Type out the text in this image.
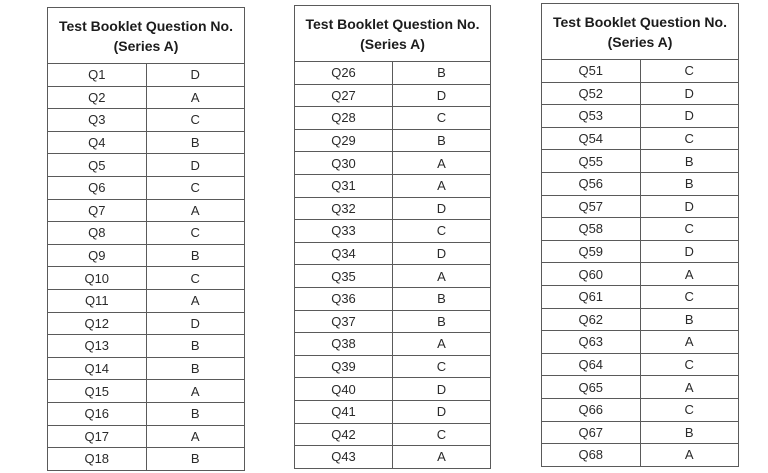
Test Booklet Question No.
(Series A)	

Q1	D
Q2	A
Q3	C
Q4	B
Q5	D
Q6	C
Q7	A
Q8	C
Q9	B
Q10	C
Q11	A
Q12	D
Q13	B
Q14	B
Q15	A
Q16	B
Q17	A
Q18	B
Test Booklet Question No.
(Series A)	

Q26	B
Q27	D
Q28	C
Q29	B
Q30	A
Q31	A
Q32	D
Q33	C
Q34	D
Q35	A
Q36	B
Q37	B
Q38	A
Q39	C
Q40	D
Q41	D
Q42	C
Q43	A
Test Booklet Question No.
(Series A)	

Q51	C
Q52	D
Q53	D
Q54	C
Q55	B
Q56	B
Q57	D
Q58	C
Q59	D
Q60	A
Q61	C
Q62	B
Q63	A
Q64	C
Q65	A
Q66	C
Q67	B
Q68	A
